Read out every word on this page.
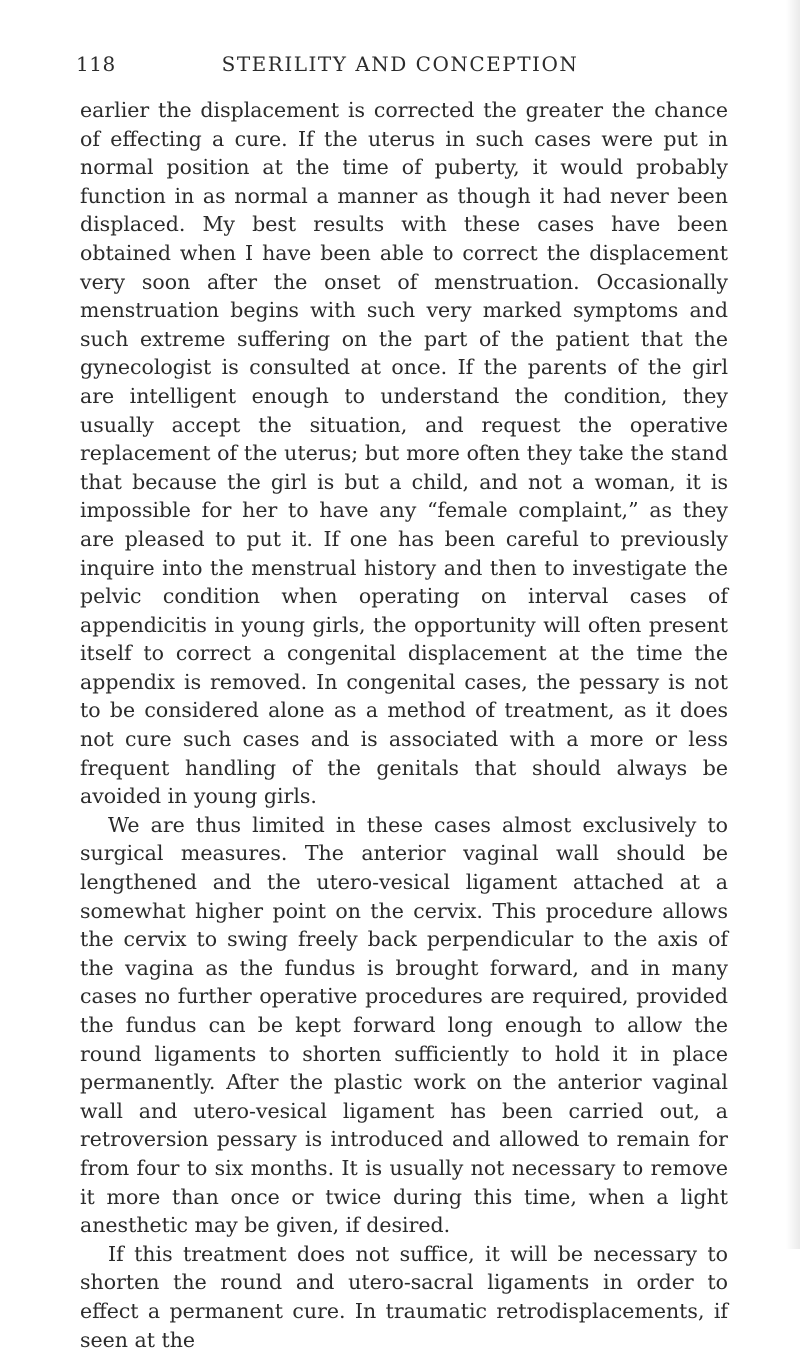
118	STERILITY AND CONCEPTION

earlier the displacement is corrected the greater the chance of effecting a cure. If the uterus in such cases were put in normal position at the time of puberty, it would probably function in as normal a manner as though it had never been displaced. My best results with these cases have been obtained when I have been able to correct the displacement very soon after the onset of menstruation. Occasionally menstruation begins with such very marked symptoms and such extreme suffering on the part of the patient that the gynecologist is consulted at once. If the parents of the girl are intelligent enough to understand the condition, they usually accept the situation, and request the operative replacement of the uterus; but more often they take the stand that because the girl is but a child, and not a woman, it is impossible for her to have any “female complaint,” as they are pleased to put it. If one has been careful to previously inquire into the menstrual history and then to investigate the pelvic condition when operating on interval cases of appendicitis in young girls, the opportunity will often present itself to correct a congenital displacement at the time the appendix is removed. In congenital cases, the pessary is not to be considered alone as a method of treatment, as it does not cure such cases and is associated with a more or less frequent handling of the genitals that should always be avoided in young girls.

We are thus limited in these cases almost exclusively to surgical measures. The anterior vaginal wall should be lengthened and the utero-vesical ligament attached at a somewhat higher point on the cervix. This procedure allows the cervix to swing freely back perpendicular to the axis of the vagina as the fundus is brought forward, and in many cases no further operative procedures are required, provided the fundus can be kept forward long enough to allow the round ligaments to shorten sufficiently to hold it in place permanently. After the plastic work on the anterior vaginal wall and utero-vesical ligament has been carried out, a retroversion pessary is introduced and allowed to remain for from four to six months. It is usually not necessary to remove it more than once or twice during this time, when a light anesthetic may be given, if desired.

If this treatment does not suffice, it will be necessary to shorten the round and utero-sacral ligaments in order to effect a permanent cure. In traumatic retrodisplacements, if seen at the
